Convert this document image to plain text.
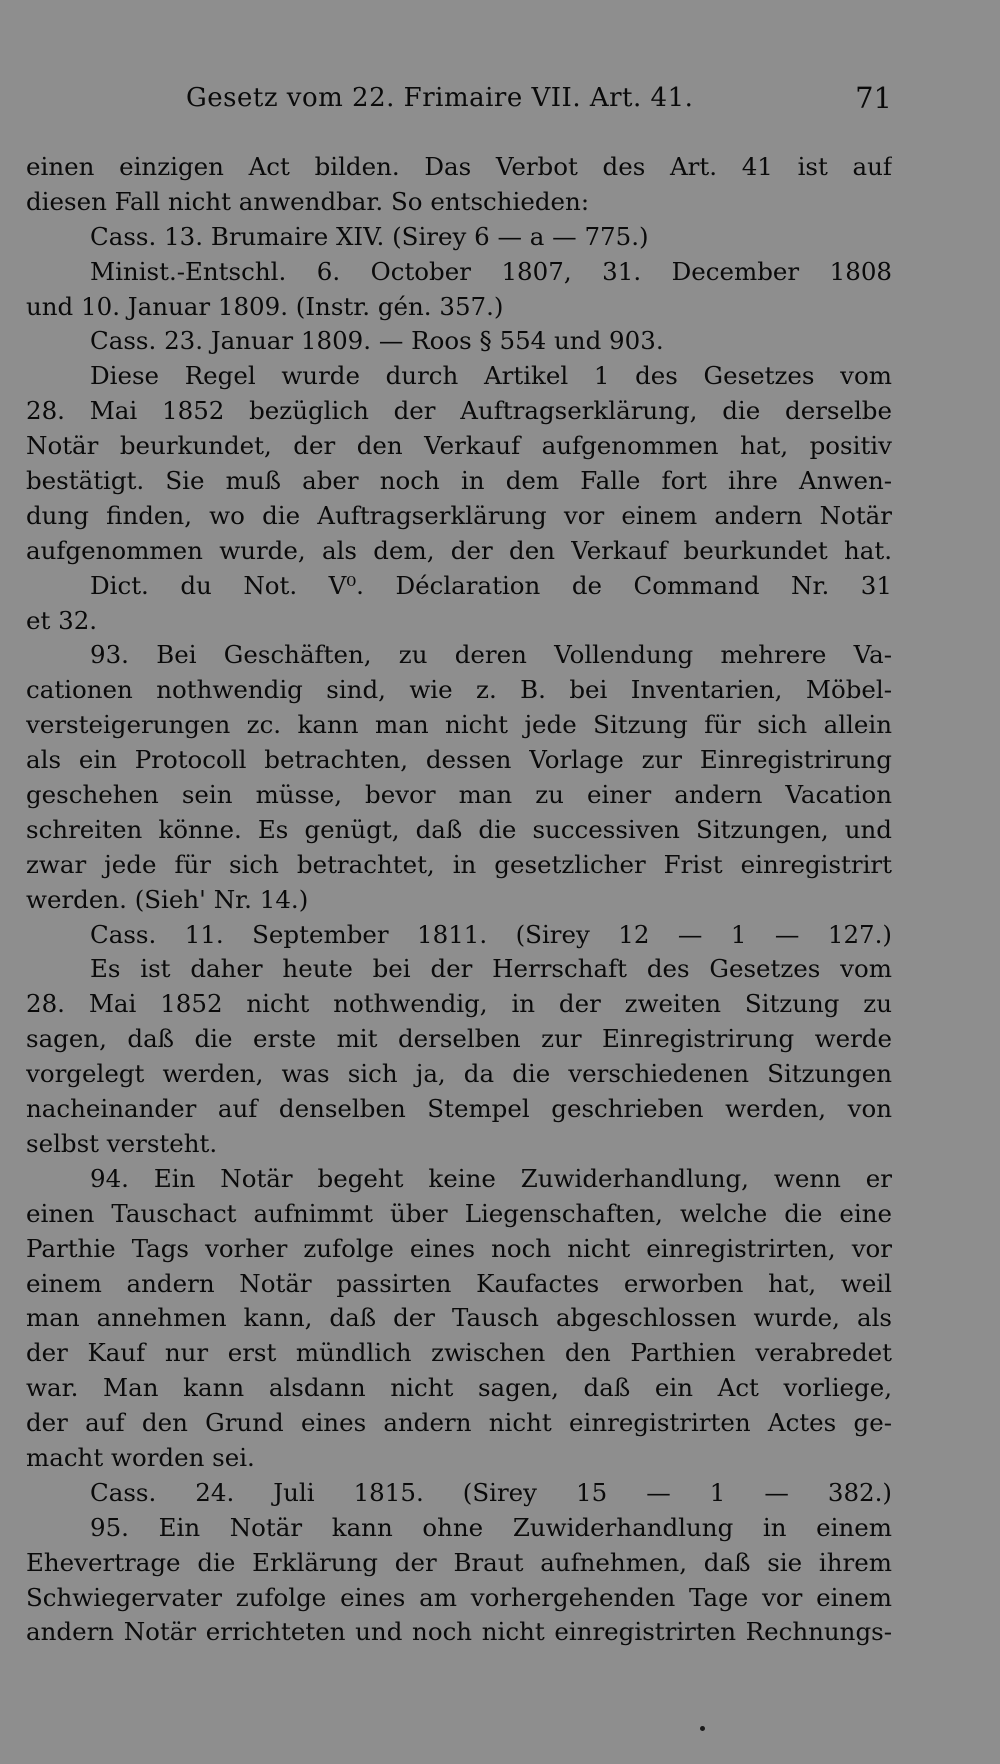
Gesetz vom 22. Frimaire VII. Art. 41.	71
einen einzigen Act bilden. Das Verbot des Art. 41 ist auf
diesen Fall nicht anwendbar. So entschieden:
Cass. 13. Brumaire XIV. (Sirey 6 — a — 775.)
Minist.-Entschl. 6. October 1807, 31. December 1808
und 10. Januar 1809. (Instr. gén. 357.)
Cass. 23. Januar 1809. — Roos § 554 und 903.
Diese Regel wurde durch Artikel 1 des Gesetzes vom
28. Mai 1852 bezüglich der Auftragserklärung, die derselbe
Notär beurkundet, der den Verkauf aufgenommen hat, positiv
bestätigt. Sie muß aber noch in dem Falle fort ihre Anwen-
dung finden, wo die Auftragserklärung vor einem andern Notär
aufgenommen wurde, als dem, der den Verkauf beurkundet hat.
Dict. du Not. V⁰. Déclaration de Command Nr. 31
et 32.
93. Bei Geschäften, zu deren Vollendung mehrere Va-
cationen nothwendig sind, wie z. B. bei Inventarien, Möbel-
versteigerungen zc. kann man nicht jede Sitzung für sich allein
als ein Protocoll betrachten, dessen Vorlage zur Einregistrirung
geschehen sein müsse, bevor man zu einer andern Vacation
schreiten könne. Es genügt, daß die successiven Sitzungen, und
zwar jede für sich betrachtet, in gesetzlicher Frist einregistrirt
werden. (Sieh' Nr. 14.)
Cass. 11. September 1811. (Sirey 12 — 1 — 127.)
Es ist daher heute bei der Herrschaft des Gesetzes vom
28. Mai 1852 nicht nothwendig, in der zweiten Sitzung zu
sagen, daß die erste mit derselben zur Einregistrirung werde
vorgelegt werden, was sich ja, da die verschiedenen Sitzungen
nacheinander auf denselben Stempel geschrieben werden, von
selbst versteht.
94. Ein Notär begeht keine Zuwiderhandlung, wenn er
einen Tauschact aufnimmt über Liegenschaften, welche die eine
Parthie Tags vorher zufolge eines noch nicht einregistrirten, vor
einem andern Notär passirten Kaufactes erworben hat, weil
man annehmen kann, daß der Tausch abgeschlossen wurde, als
der Kauf nur erst mündlich zwischen den Parthien verabredet
war. Man kann alsdann nicht sagen, daß ein Act vorliege,
der auf den Grund eines andern nicht einregistrirten Actes ge-
macht worden sei.
Cass. 24. Juli 1815. (Sirey 15 — 1 — 382.)
95. Ein Notär kann ohne Zuwiderhandlung in einem
Ehevertrage die Erklärung der Braut aufnehmen, daß sie ihrem
Schwiegervater zufolge eines am vorhergehenden Tage vor einem
andern Notär errichteten und noch nicht einregistrirten Rechnungs-
